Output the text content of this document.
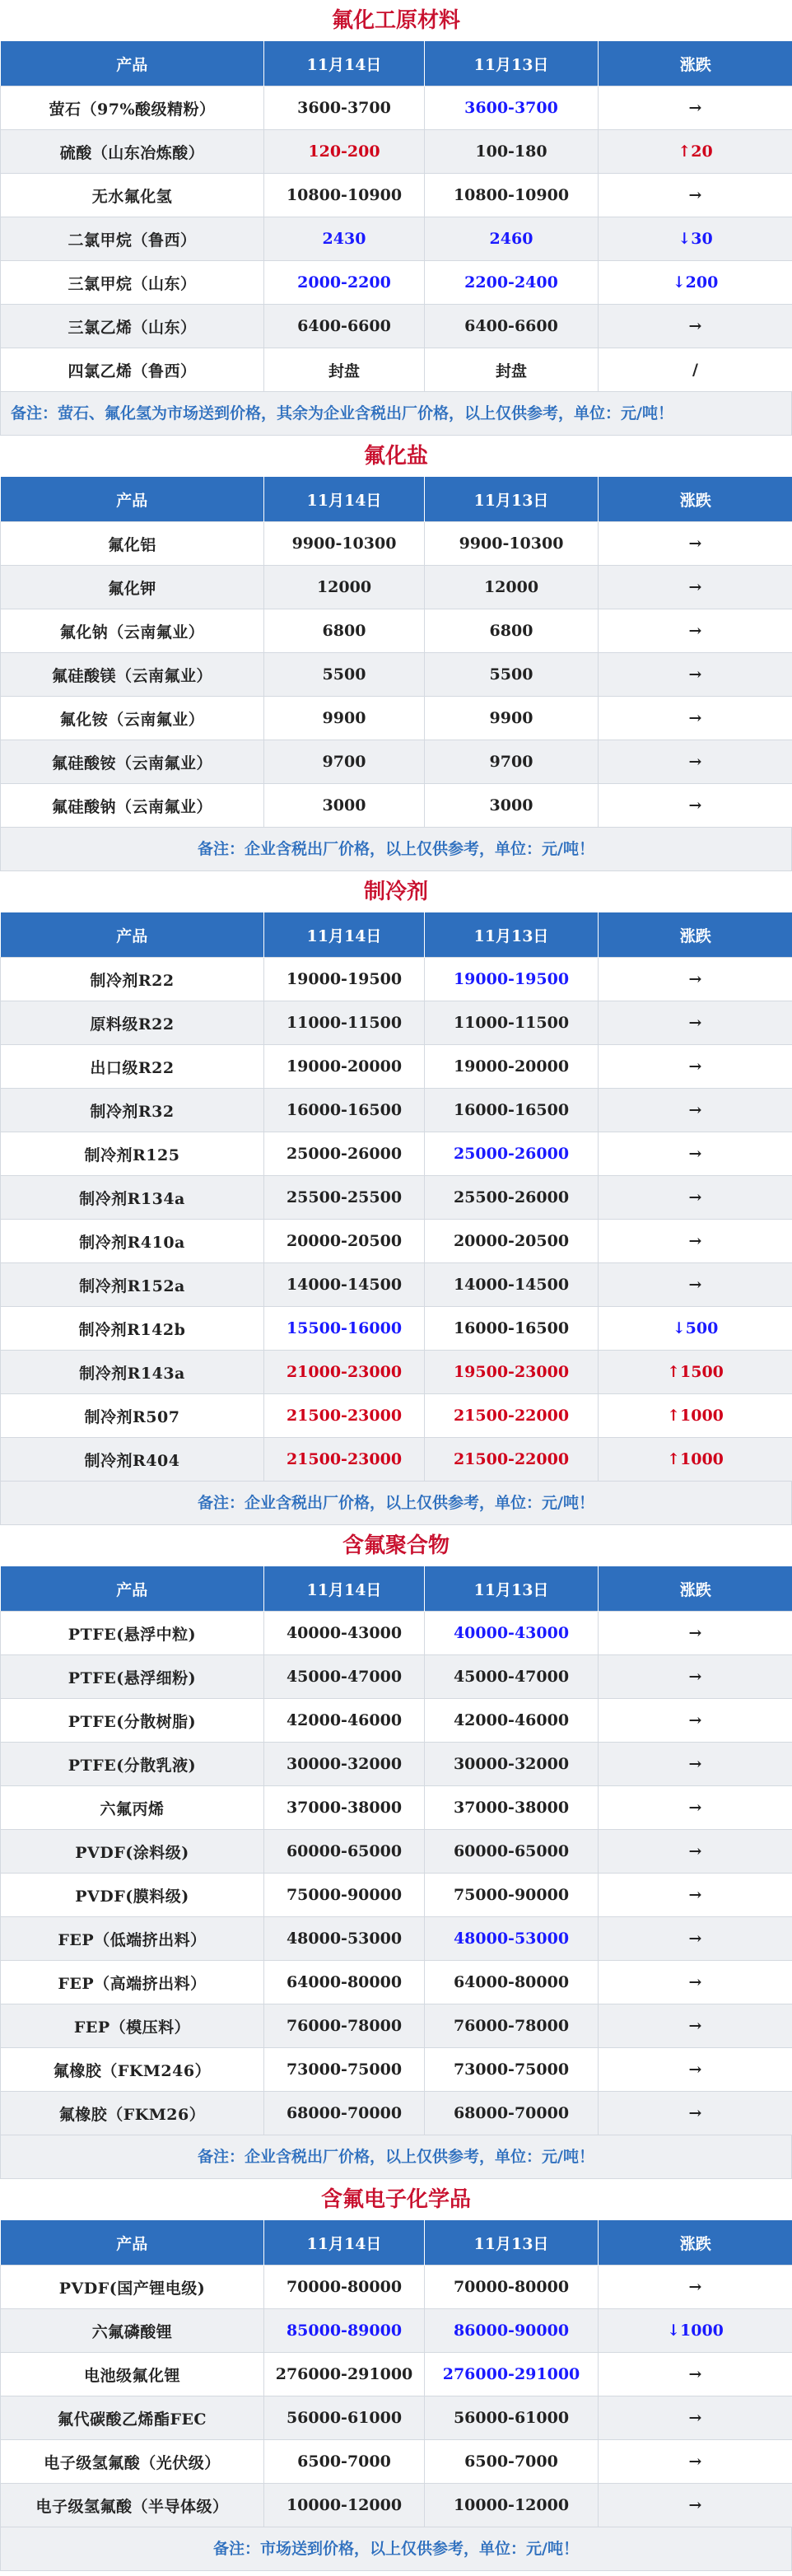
氟化工原材料
产品	11月14日	11月13日	涨跌
萤石（97%酸级精粉）	3600-3700	3600-3700	→
硫酸（山东冶炼酸）	120-200	100-180	↑20
无水氟化氢	10800-10900	10800-10900	→
二氯甲烷（鲁西）	2430	2460	↓30
三氯甲烷（山东）	2000-2200	2200-2400	↓200
三氯乙烯（山东）	6400-6600	6400-6600	→
四氯乙烯（鲁西）	封盘	封盘	/
备注：萤石、氟化氢为市场送到价格，其余为企业含税出厂价格，以上仅供参考，单位：元/吨！
氟化盐
产品	11月14日	11月13日	涨跌
氟化铝	9900-10300	9900-10300	→
氟化钾	12000	12000	→
氟化钠（云南氟业）	6800	6800	→
氟硅酸镁（云南氟业）	5500	5500	→
氟化铵（云南氟业）	9900	9900	→
氟硅酸铵（云南氟业）	9700	9700	→
氟硅酸钠（云南氟业）	3000	3000	→
备注：企业含税出厂价格，以上仅供参考，单位：元/吨！
制冷剂
产品	11月14日	11月13日	涨跌
制冷剂R22	19000-19500	19000-19500	→
原料级R22	11000-11500	11000-11500	→
出口级R22	19000-20000	19000-20000	→
制冷剂R32	16000-16500	16000-16500	→
制冷剂R125	25000-26000	25000-26000	→
制冷剂R134a	25500-25500	25500-26000	→
制冷剂R410a	20000-20500	20000-20500	→
制冷剂R152a	14000-14500	14000-14500	→
制冷剂R142b	15500-16000	16000-16500	↓500
制冷剂R143a	21000-23000	19500-23000	↑1500
制冷剂R507	21500-23000	21500-22000	↑1000
制冷剂R404	21500-23000	21500-22000	↑1000
备注：企业含税出厂价格，以上仅供参考，单位：元/吨！
含氟聚合物
产品	11月14日	11月13日	涨跌
PTFE(悬浮中粒)	40000-43000	40000-43000	→
PTFE(悬浮细粉)	45000-47000	45000-47000	→
PTFE(分散树脂)	42000-46000	42000-46000	→
PTFE(分散乳液)	30000-32000	30000-32000	→
六氟丙烯	37000-38000	37000-38000	→
PVDF(涂料级)	60000-65000	60000-65000	→
PVDF(膜料级)	75000-90000	75000-90000	→
FEP（低端挤出料）	48000-53000	48000-53000	→
FEP（高端挤出料）	64000-80000	64000-80000	→
FEP（模压料）	76000-78000	76000-78000	→
氟橡胶（FKM246）	73000-75000	73000-75000	→
氟橡胶（FKM26）	68000-70000	68000-70000	→
备注：企业含税出厂价格，以上仅供参考，单位：元/吨！
含氟电子化学品
产品	11月14日	11月13日	涨跌
PVDF(国产锂电级)	70000-80000	70000-80000	→
六氟磷酸锂	85000-89000	86000-90000	↓1000
电池级氟化锂	276000-291000	276000-291000	→
氟代碳酸乙烯酯FEC	56000-61000	56000-61000	→
电子级氢氟酸（光伏级）	6500-7000	6500-7000	→
电子级氢氟酸（半导体级）	10000-12000	10000-12000	→
备注：市场送到价格，以上仅供参考，单位：元/吨！
